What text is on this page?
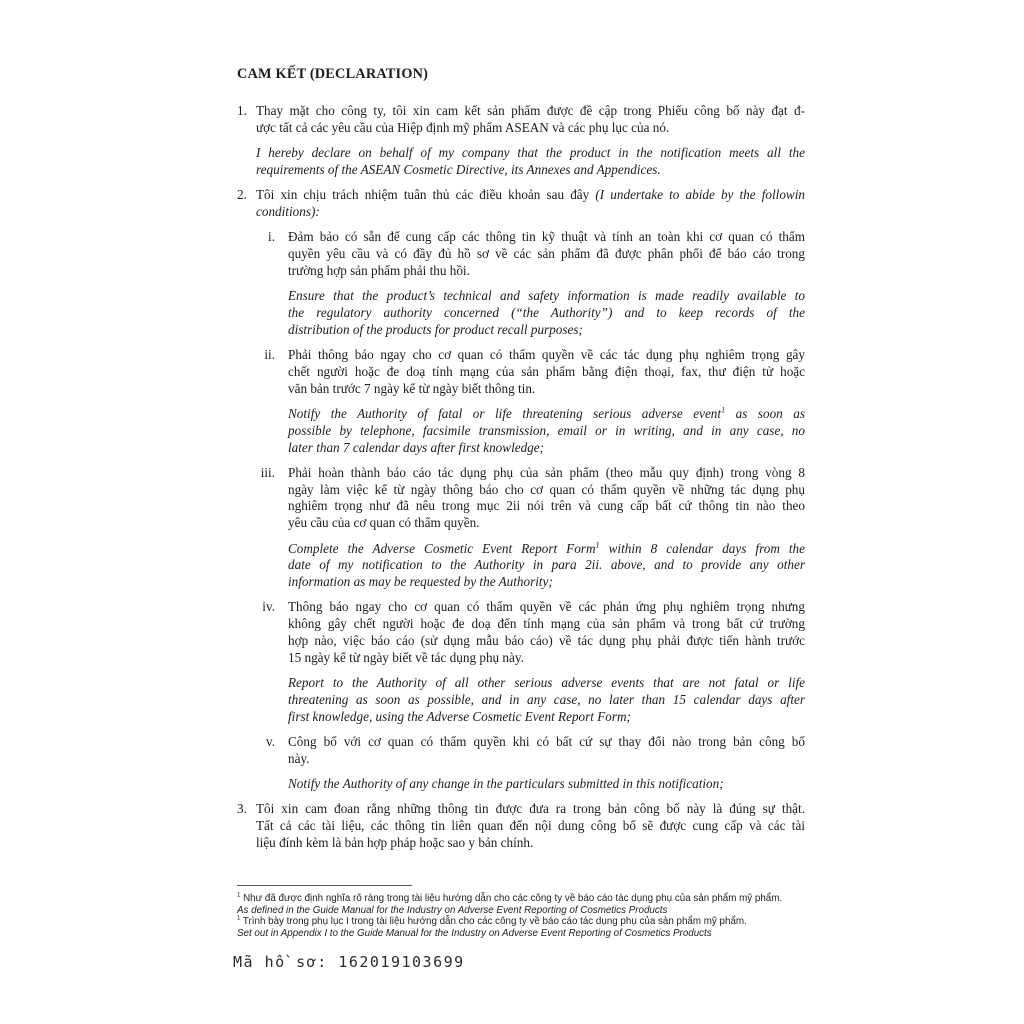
CAM KẾT (DECLARATION)
1. Thay mặt cho công ty, tôi xin cam kết sản phẩm được đề cập trong Phiếu công bố này đạt đ-
ược tất cả các yêu cầu của Hiệp định mỹ phẩm ASEAN và các phụ lục của nó.
I hereby declare on behalf of my company that the product in the notification meets all the
requirements of the ASEAN Cosmetic Directive, its Annexes and Appendices.
2. Tôi xin chịu trách nhiệm tuân thủ các điều khoản sau đây (I undertake to abide by the followin
conditions):
i. Đảm bảo có sẵn để cung cấp các thông tin kỹ thuật và tính an toàn khi cơ quan có thẩm
quyền yêu cầu và có đầy đủ hồ sơ về các sản phẩm đã được phân phối để báo cáo trong
trường hợp sản phẩm phải thu hồi.
Ensure that the product’s technical and safety information is made readily available to
the regulatory authority concerned (“the Authority”) and to keep records of the
distribution of the products for product recall purposes;
ii. Phải thông báo ngay cho cơ quan có thẩm quyền về các tác dụng phụ nghiêm trọng gây
chết người hoặc đe doạ tính mạng của sản phẩm bằng điện thoại, fax, thư điện tử hoặc
văn bản trước 7 ngày kể từ ngày biết thông tin.
Notify the Authority of fatal or life threatening serious adverse event$^1$ as soon as
possible by telephone, facsimile transmission, email or in writing, and in any case, no
later than 7 calendar days after first knowledge;
iii. Phải hoàn thành báo cáo tác dụng phụ của sản phẩm (theo mẫu quy định) trong vòng 8
ngày làm việc kể từ ngày thông báo cho cơ quan có thẩm quyền về những tác dụng phụ
nghiêm trọng như đã nêu trong mục 2ii nói trên và cung cấp bất cứ thông tin nào theo
yêu cầu của cơ quan có thẩm quyền.
Complete the Adverse Cosmetic Event Report Form$^1$ within 8 calendar days from the
date of my notification to the Authority in para 2ii. above, and to provide any other
information as may be requested by the Authority;
iv. Thông báo ngay cho cơ quan có thẩm quyền về các phản ứng phụ nghiêm trọng nhưng
không gây chết người hoặc đe doạ đến tính mạng của sản phẩm và trong bất cứ trường
hợp nào, việc báo cáo (sử dụng mẫu báo cáo) về tác dụng phụ phải được tiến hành trước
15 ngày kể từ ngày biết về tác dụng phụ này.
Report to the Authority of all other serious adverse events that are not fatal or life
threatening as soon as possible, and in any case, no later than 15 calendar days after
first knowledge, using the Adverse Cosmetic Event Report Form;
v. Công bố với cơ quan có thẩm quyền khi có bất cứ sự thay đổi nào trong bản công bố
này.
Notify the Authority of any change in the particulars submitted in this notification;
3. Tôi xin cam đoan rằng những thông tin được đưa ra trong bản công bố này là đúng sự thật.
Tất cả các tài liệu, các thông tin liên quan đến nội dung công bố sẽ được cung cấp và các tài
liệu đính kèm là bản hợp pháp hoặc sao y bản chính.
$^1$ Như đã được định nghĩa rõ ràng trong tài liệu hướng dẫn cho các công ty về báo cáo tác dụng phụ của sản phẩm mỹ phẩm.
As defined in the Guide Manual for the Industry on Adverse Event Reporting of Cosmetics Products
$^1$ Trình bày trong phụ lục I trong tài liệu hướng dẫn cho các công ty về báo cáo tác dụng phụ của sản phẩm mỹ phẩm.
Set out in Appendix I to the Guide Manual for the Industry on Adverse Event Reporting of Cosmetics Products
Mã hồ sơ: 162019103699
